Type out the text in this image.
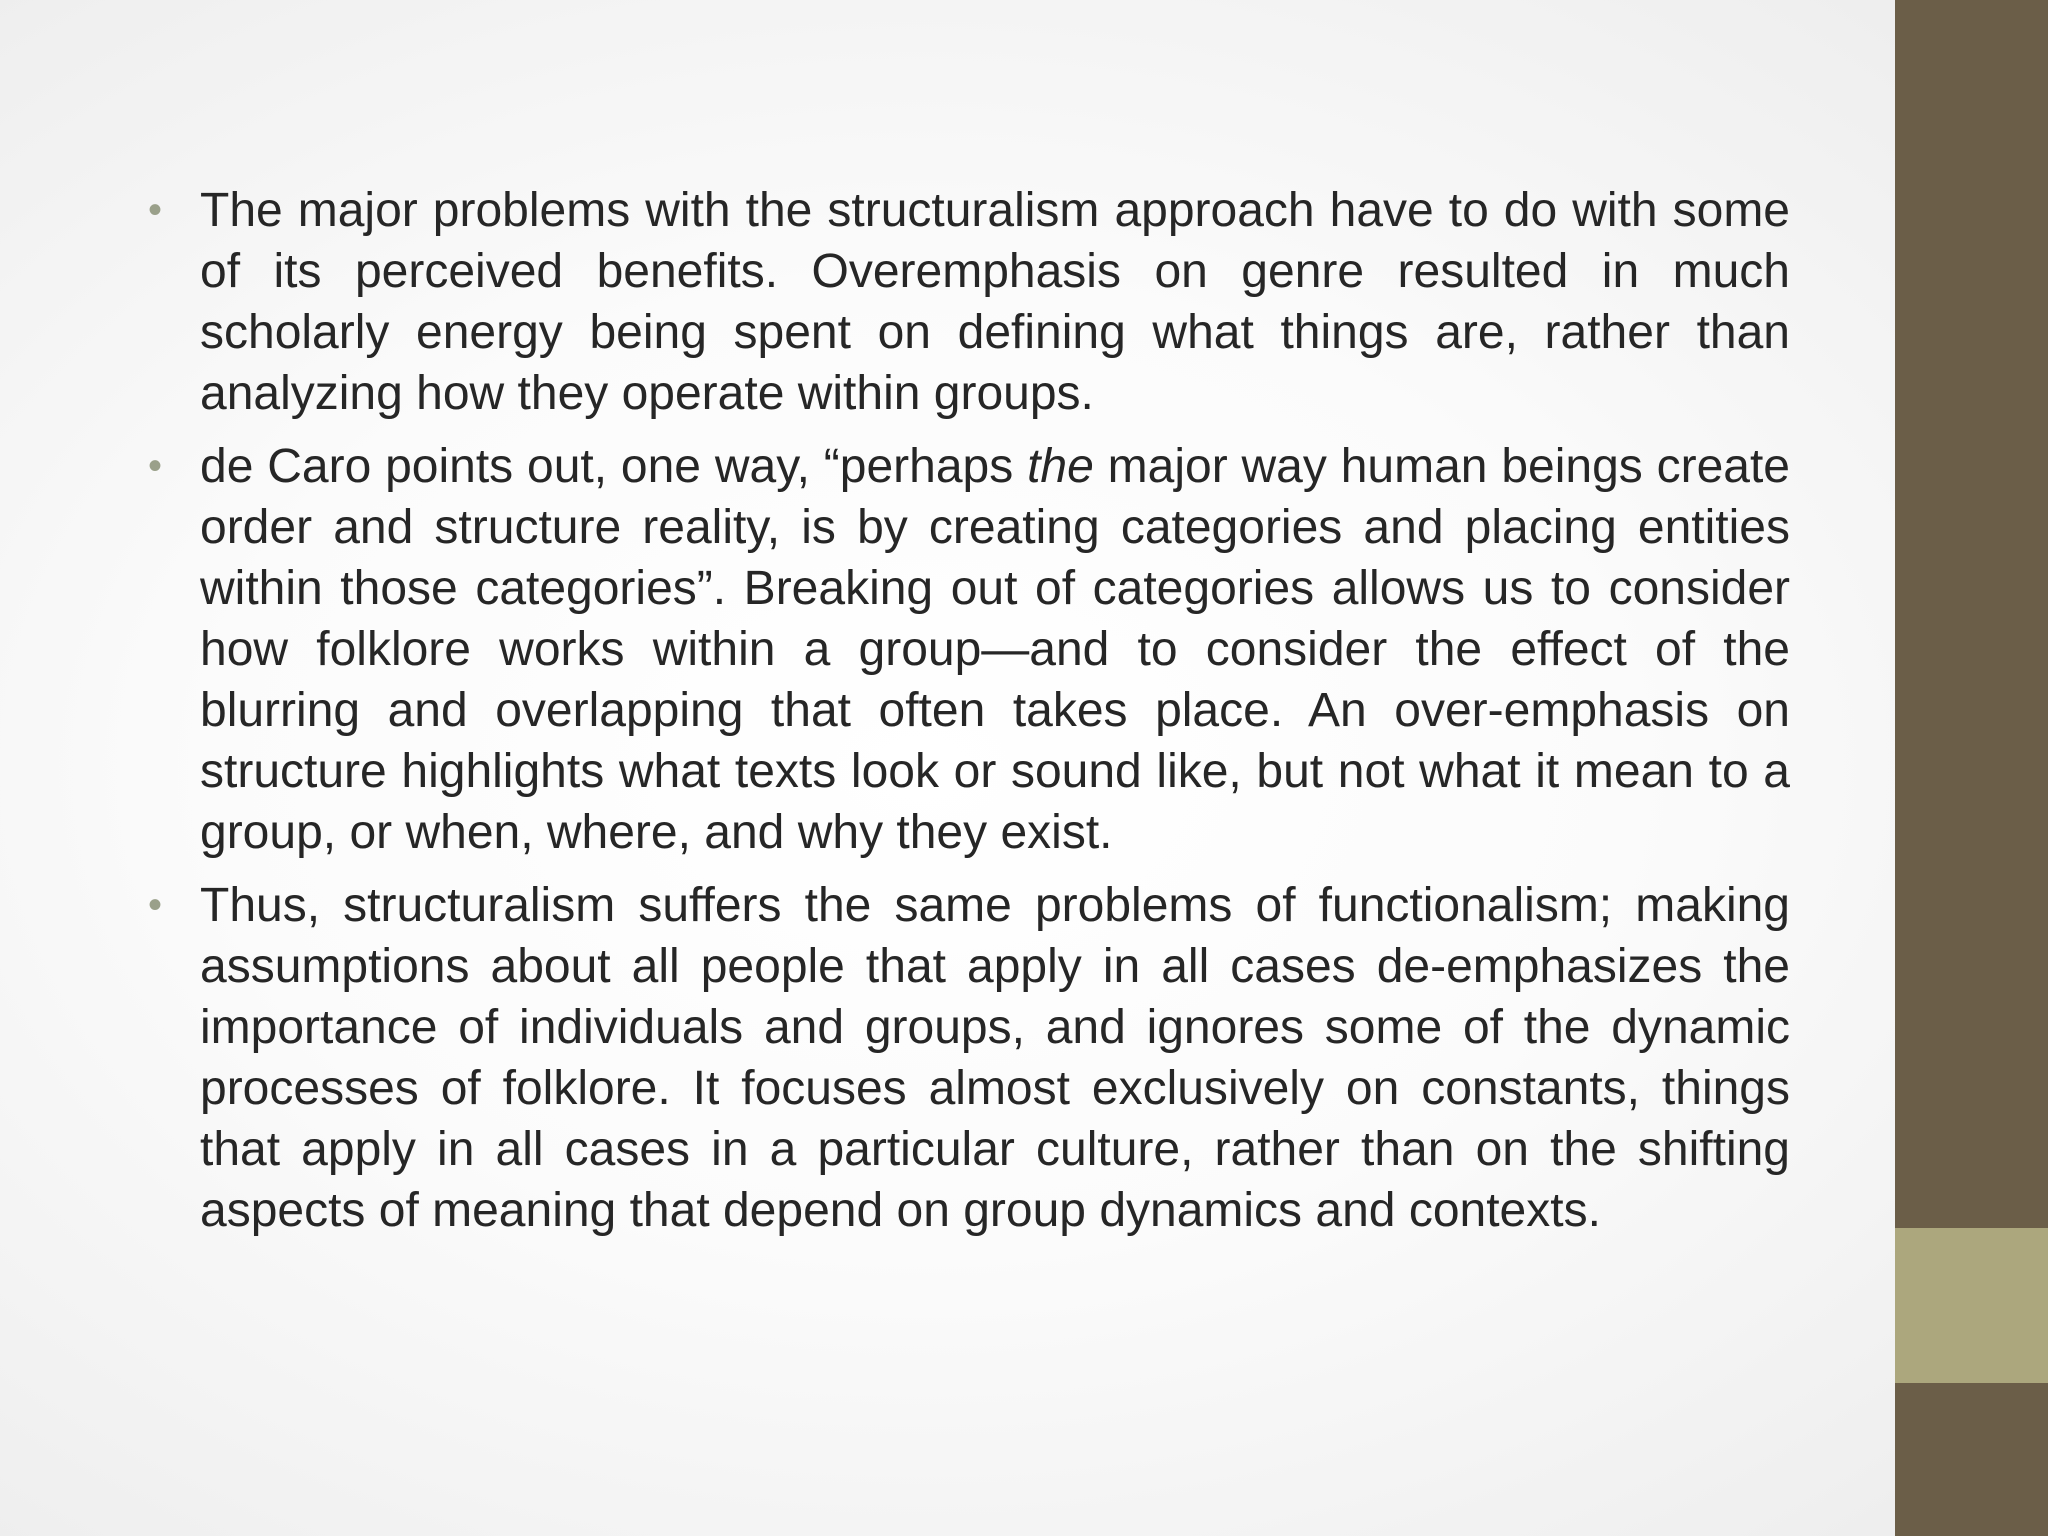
• The major problems with the structuralism approach have to do with some of its perceived benefits. Overemphasis on genre resulted in much scholarly energy being spent on defining what things are, rather than analyzing how they operate within groups.
• de Caro points out, one way, “perhaps the major way human beings create order and structure reality, is by creating categories and placing entities within those categories”. Breaking out of categories allows us to consider how folklore works within a group—and to consider the effect of the blurring and overlapping that often takes place. An over-emphasis on structure highlights what texts look or sound like, but not what it mean to a group, or when, where, and why they exist.
• Thus, structuralism suffers the same problems of functionalism; making assumptions about all people that apply in all cases de-emphasizes the importance of individuals and groups, and ignores some of the dynamic processes of folklore. It focuses almost exclusively on constants, things that apply in all cases in a particular culture, rather than on the shifting aspects of meaning that depend on group dynamics and contexts.
